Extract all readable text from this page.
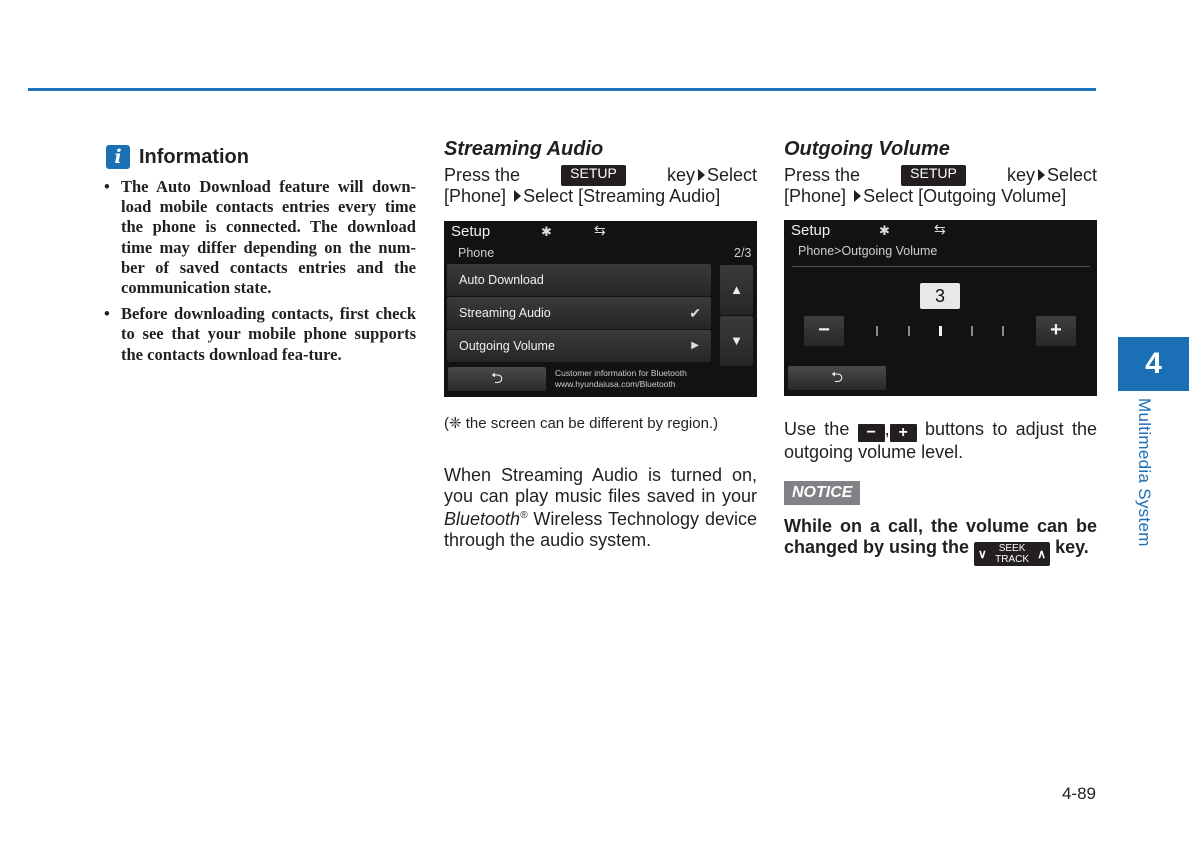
i Information
• The Auto Download feature will down-load mobile contacts entries every time the phone is connected. The download time may differ depending on the num-ber of saved contacts entries and the communication state.
• Before downloading contacts, first check to see that your mobile phone supports the contacts download fea-ture.
Streaming Audio
Press the	SETUP	key Select
[Phone] Select [Streaming Audio]
Setup	✱	⇆
Phone	2/3
Auto Download
Streaming Audio	✔
Outgoing Volume	▶
▲
▼
⮌	Customer information for Bluetooth
www.hyundaiusa.com/Bluetooth
(❈ the screen can be different by region.)
When Streaming Audio is turned on, you can play music files saved in your Bluetooth® Wireless Technology device through the audio system.
Outgoing Volume
Press the	SETUP	key Select
[Phone] Select [Outgoing Volume]
Setup	✱	⇆
Phone>Outgoing Volume
3
−	+
⮌
Use the − , + buttons to adjust the outgoing volume level.
NOTICE
While on a call, the volume can be changed by using the ∨	SEEK
TRACK ∧ key.
4
Multimedia System
4-89
